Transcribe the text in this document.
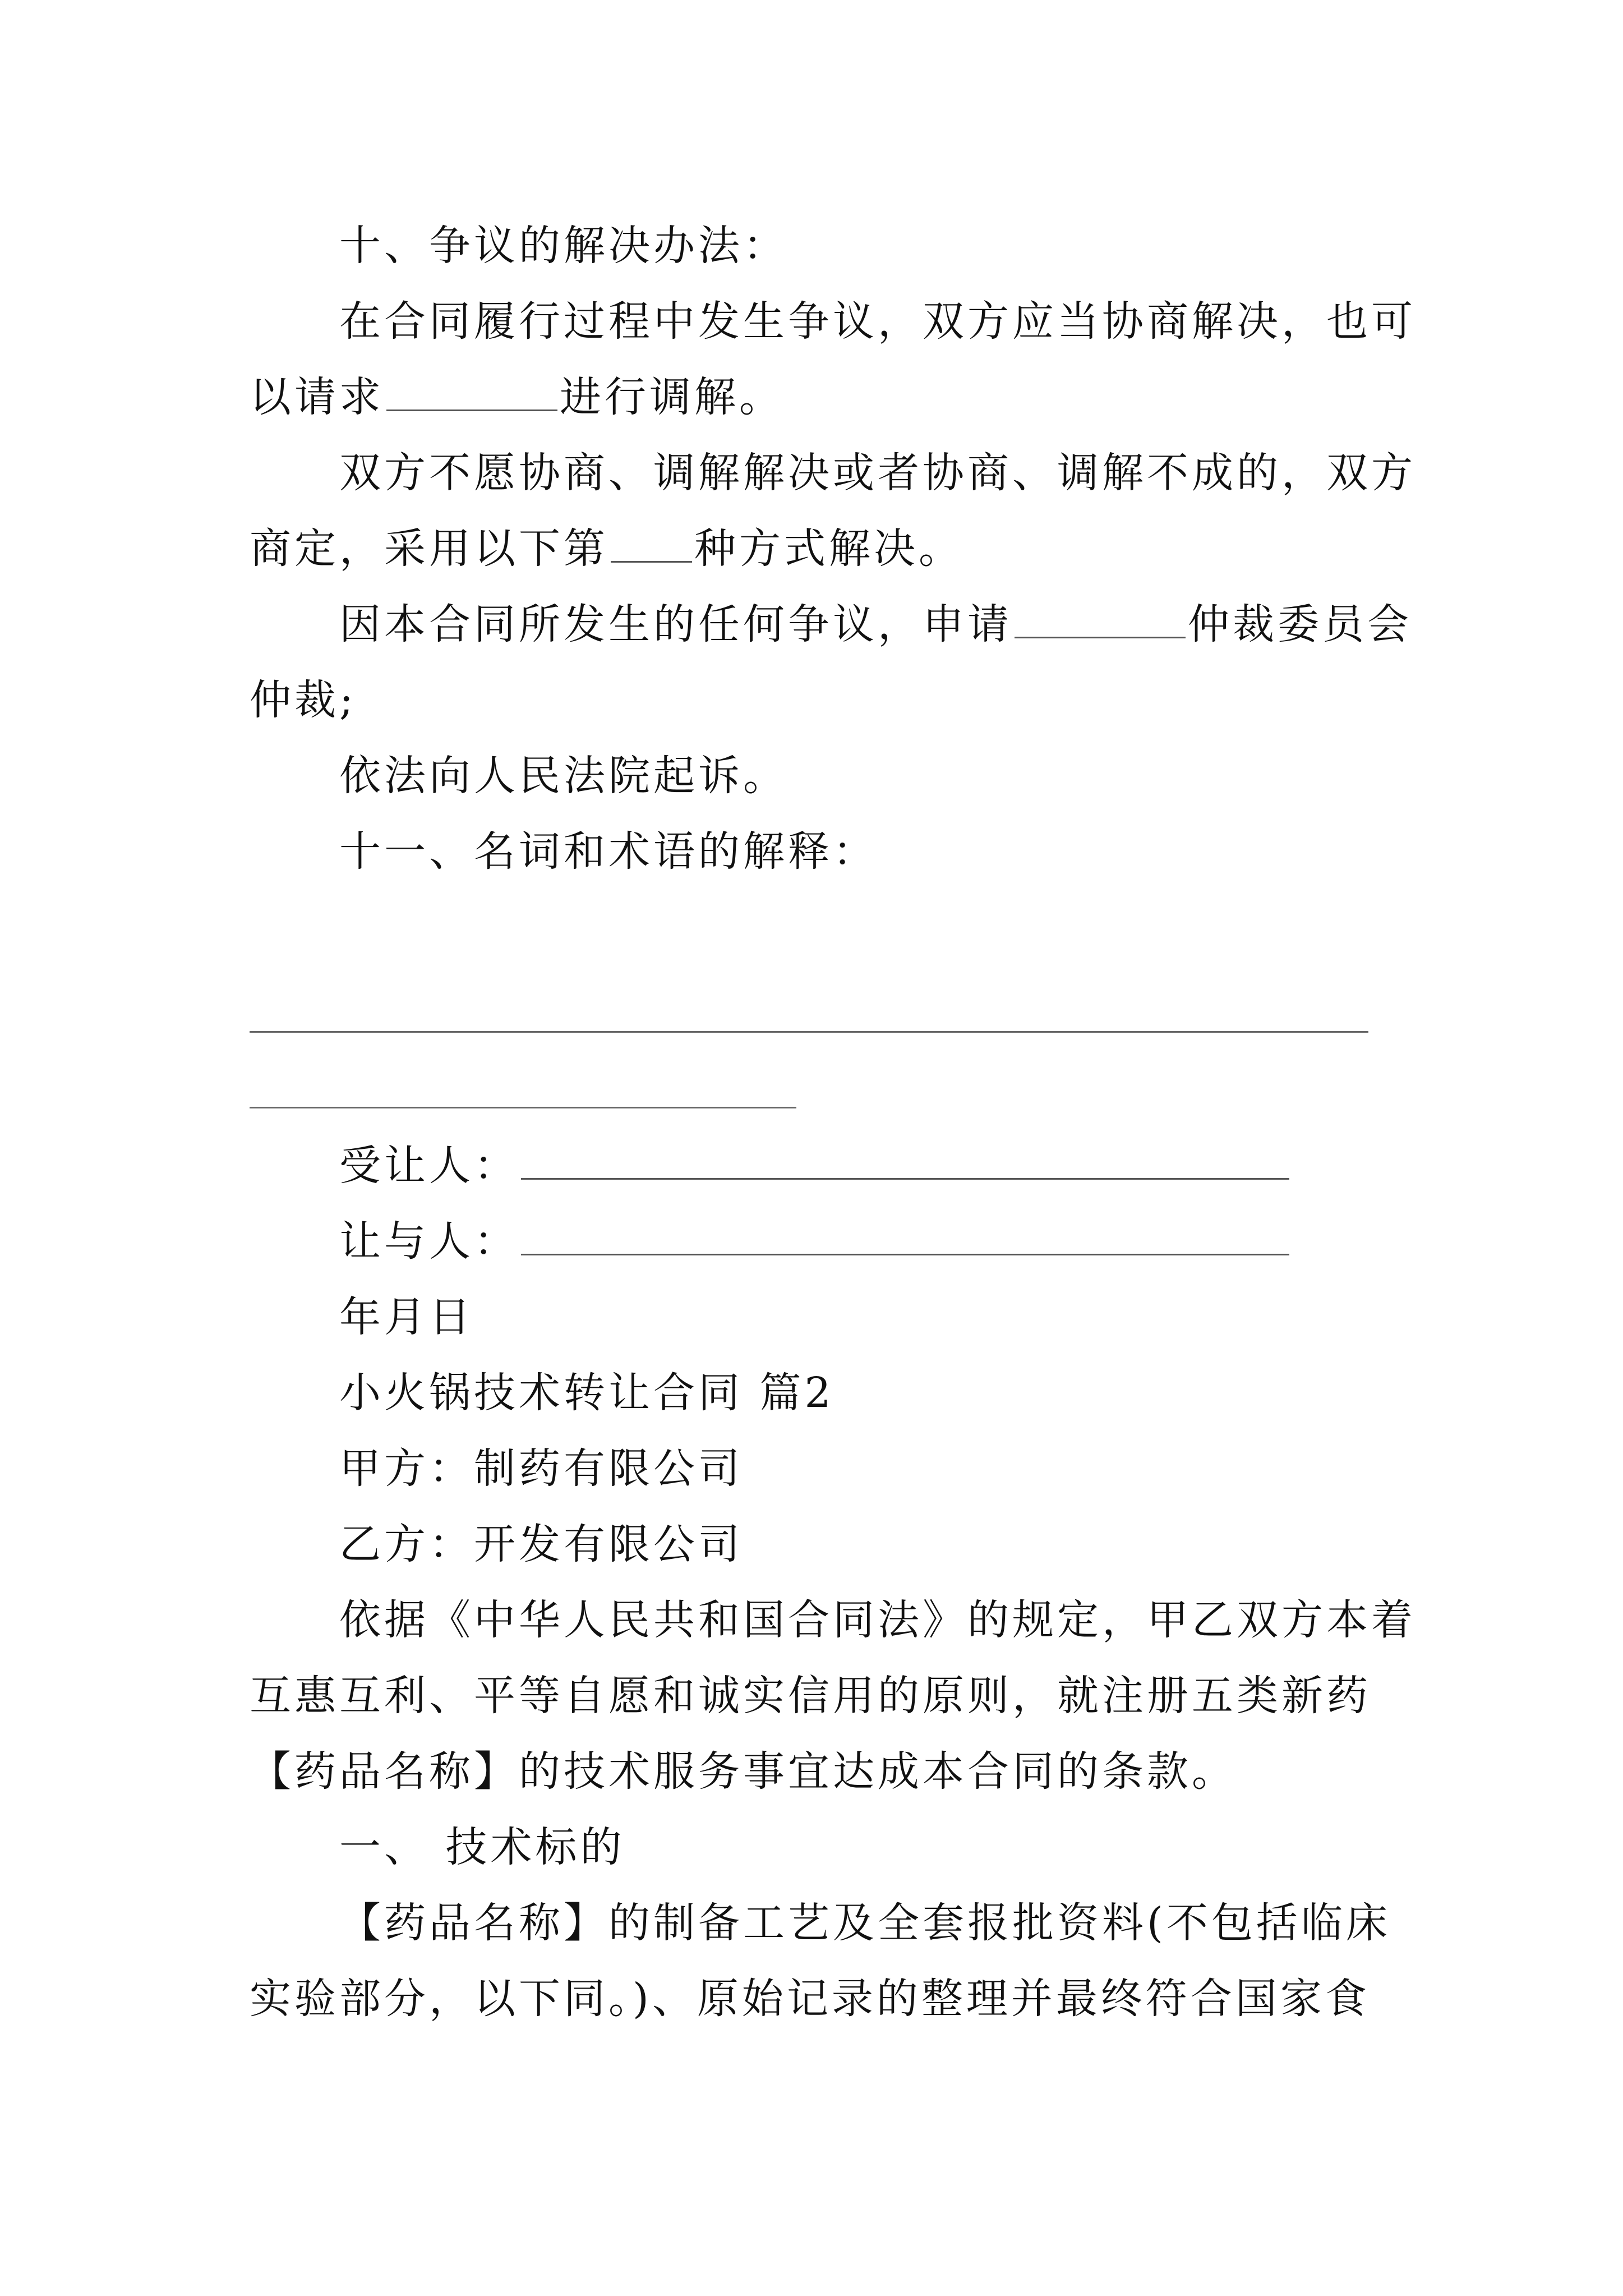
十、争议的解决办法：
在合同履行过程中发生争议，双方应当协商解决，也可
以请求	进行调解。
双方不愿协商、调解解决或者协商、调解不成的，双方
商定，采用以下第 种方式解决。
因本合同所发生的任何争议，申请	仲裁委员会
仲裁;
依法向人民法院起诉。
十一、名词和术语的解释：
受让人：
让与人：
年月日
小火锅技术转让合同 篇2
甲方：制药有限公司
乙方：开发有限公司
依据《中华人民共和国合同法》的规定，甲乙双方本着
互惠互利、平等自愿和诚实信用的原则，就注册五类新药
【药品名称】的技术服务事宜达成本合同的条款。
一、 技术标的
【药品名称】的制备工艺及全套报批资料(不包括临床
实验部分，以下同。)、原始记录的整理并最终符合国家食
